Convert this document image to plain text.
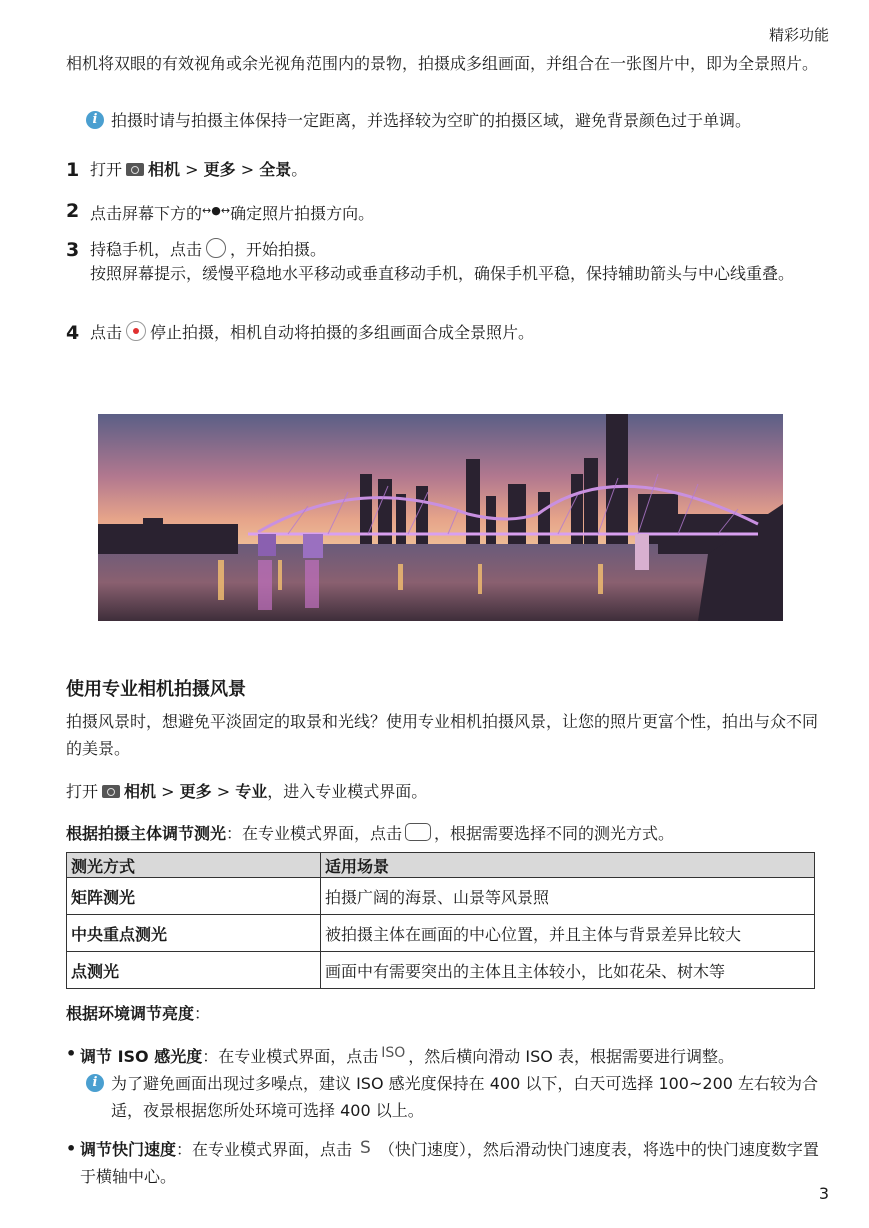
精彩功能
相机将双眼的有效视角或余光视角范围内的景物，拍摄成多组画面，并组合在一张图片中，即为全景照片。
i 拍摄时请与拍摄主体保持一定距离，并选择较为空旷的拍摄区域，避免背景颜色过于单调。
1 打开 相机 > 更多 > 全景。
2 点击屏幕下方的↔●↔确定照片拍摄方向。
3 持稳手机，点击 ，开始拍摄。
按照屏幕提示，缓慢平稳地水平移动或垂直移动手机，确保手机平稳，保持辅助箭头与中心线重叠。
4 点击 停止拍摄，相机自动将拍摄的多组画面合成全景照片。
使用专业相机拍摄风景
拍摄风景时，想避免平淡固定的取景和光线？使用专业相机拍摄风景，让您的照片更富个性，拍出与众不同的美景。
打开 相机 > 更多 > 专业，进入专业模式界面。
根据拍摄主体调节测光：在专业模式界面，点击 ，根据需要选择不同的测光方式。
测光方式	适用场景
矩阵测光	拍摄广阔的海景、山景等风景照
中央重点测光	被拍摄主体在画面的中心位置，并且主体与背景差异比较大
点测光	画面中有需要突出的主体且主体较小，比如花朵、树木等
根据环境调节亮度：
• 调节 ISO 感光度：在专业模式界面，点击 ISO ，然后横向滑动 ISO 表，根据需要进行调整。
i 为了避免画面出现过多噪点，建议 ISO 感光度保持在 400 以下，白天可选择 100~200 左右较为合适，夜景根据您所处环境可选择 400 以上。
• 调节快门速度：在专业模式界面，点击 S （快门速度），然后滑动快门速度表，将选中的快门速度数字置于横轴中心。
3
